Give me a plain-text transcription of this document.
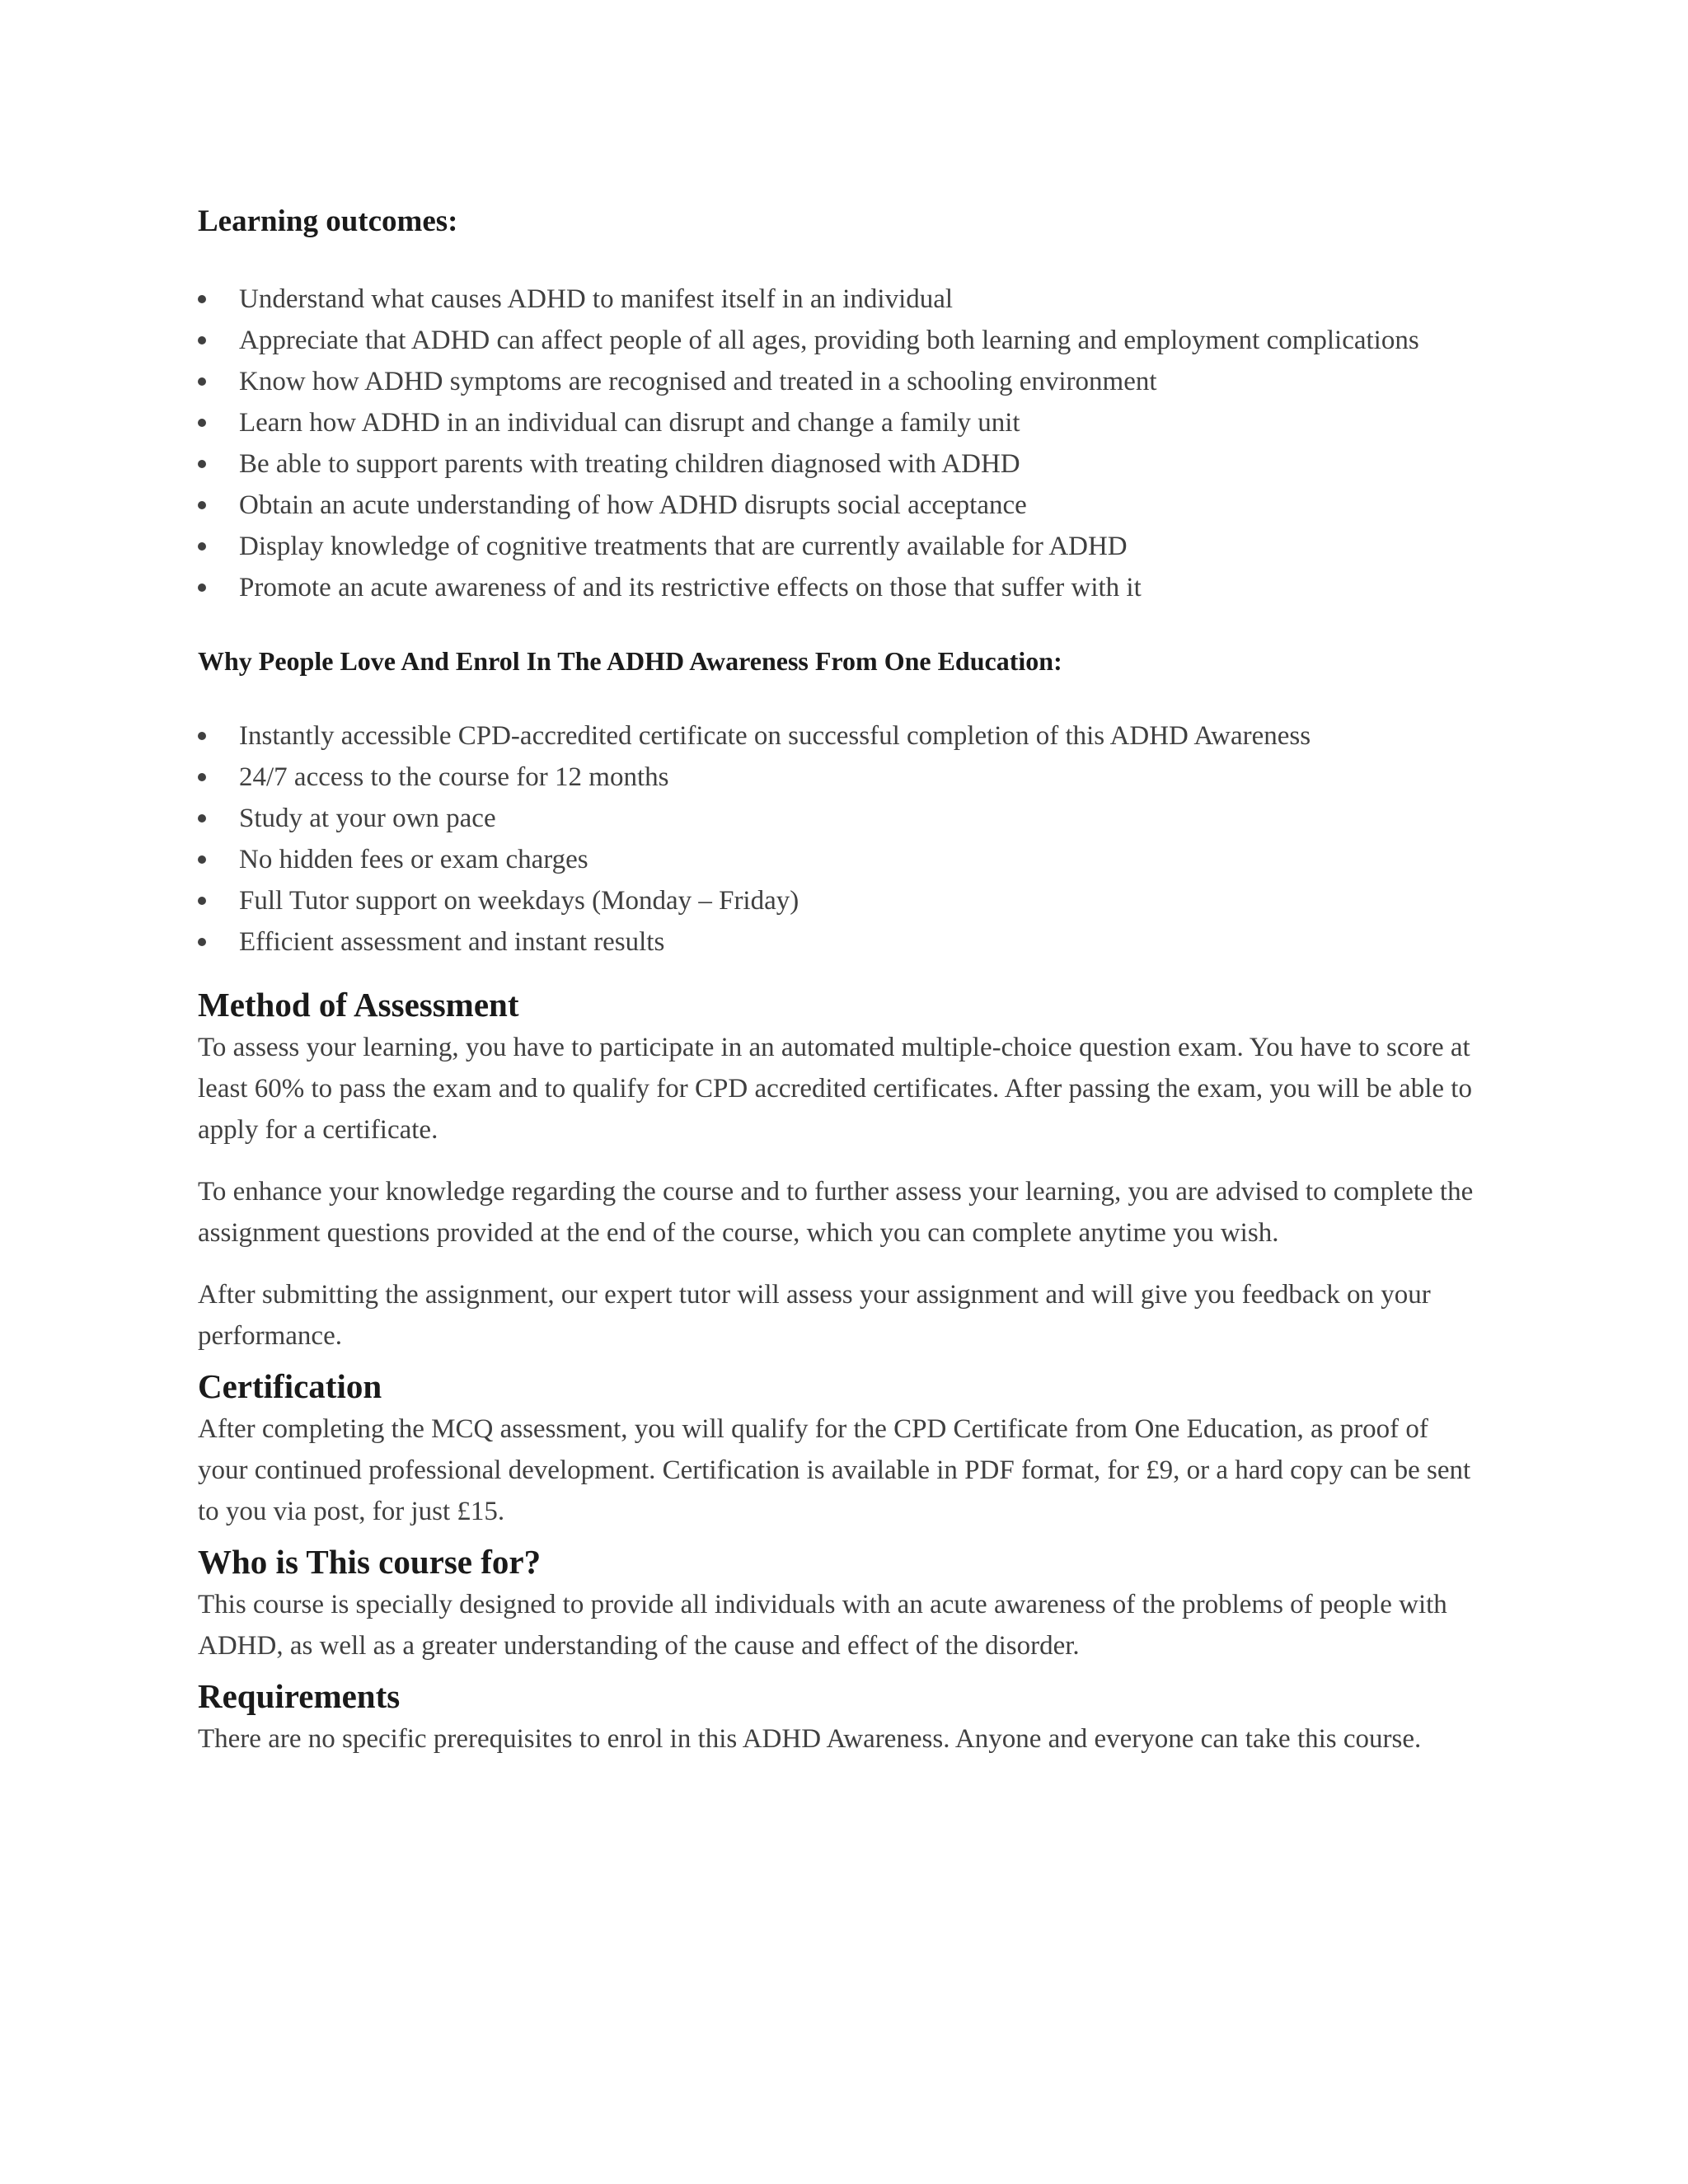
Learning outcomes:
Understand what causes ADHD to manifest itself in an individual
Appreciate that ADHD can affect people of all ages, providing both learning and employment complications
Know how ADHD symptoms are recognised and treated in a schooling environment
Learn how ADHD in an individual can disrupt and change a family unit
Be able to support parents with treating children diagnosed with ADHD
Obtain an acute understanding of how ADHD disrupts social acceptance
Display knowledge of cognitive treatments that are currently available for ADHD
Promote an acute awareness of and its restrictive effects on those that suffer with it
Why People Love And Enrol In The ADHD Awareness From One Education:
Instantly accessible CPD-accredited certificate on successful completion of this ADHD Awareness
24/7 access to the course for 12 months
Study at your own pace
No hidden fees or exam charges
Full Tutor support on weekdays (Monday – Friday)
Efficient assessment and instant results
Method of Assessment

To assess your learning, you have to participate in an automated multiple-choice question exam. You have to score at least 60% to pass the exam and to qualify for CPD accredited certificates. After passing the exam, you will be able to apply for a certificate.

To enhance your knowledge regarding the course and to further assess your learning, you are advised to complete the assignment questions provided at the end of the course, which you can complete anytime you wish.

After submitting the assignment, our expert tutor will assess your assignment and will give you feedback on your performance.

Certification

After completing the MCQ assessment, you will qualify for the CPD Certificate from One Education, as proof of your continued professional development. Certification is available in PDF format, for £9, or a hard copy can be sent to you via post, for just £15.

Who is This course for?

This course is specially designed to provide all individuals with an acute awareness of the problems of people with ADHD, as well as a greater understanding of the cause and effect of the disorder.

Requirements

There are no specific prerequisites to enrol in this ADHD Awareness. Anyone and everyone can take this course.
